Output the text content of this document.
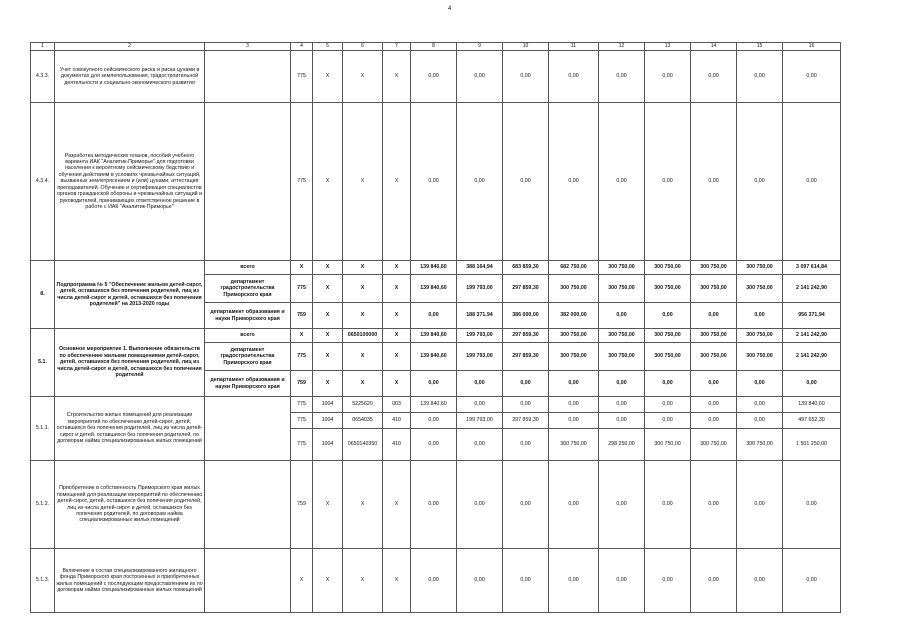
4
1	2	3	4	5	6	7	8	9	10	11	12	13	14	15	16
4.3.3.	Учет совокупного сейсмического риска и риска цунами в документах для землепользования, градостроительной деятельности и социально-экономического развития		775	X	X	X	0,00	0,00	0,00	0,00	0,00	0,00	0,00	0,00	0,00
4.3.4.	Разработка методических планов, пособий учебного варианта ИАК "Аналитик-Приморье" для подготовки населения к вероятному сейсмическому бедствию и обучения действиям в условиях чрезвычайных ситуаций, вызванных землетрясением и (или) цунами; аттестация преподавателей. Обучение и сертификация специалистов органов гражданской обороны и чрезвычайных ситуаций и руководителей, принимающих ответственное решение в работе с ИАК "Аналитик-Приморье"		775	X	X	X	0,00	0,00	0,00	0,00	0,00	0,00	0,00	0,00	0,00
8.	Подпрограмма № 5 "Обеспечение жильем детей-сирот, детей, оставшихся без попечения родителей, лиц из числа детей-сирот и детей, оставшихся без попечения родителей" на 2013-2020 годы	всего	X	X	X	X	139 840,60	388 164,94	683 859,30	682 750,00	300 750,00	300 750,00	300 750,00	300 750,00	3 097 614,84
		департамент градостроительства Приморского края	775	X	X	X	139 840,60	199 793,00	297 859,30	300 750,00	300 750,00	300 750,00	300 750,00	300 750,00	2 141 242,90
		департамент образования и науки Приморского края	759	X	X	X	0,00	188 371,94	386 000,00	382 000,00	0,00	0,00	0,00	0,00	956 371,94
5.1.	Основное мероприятие 1. Выполнение обязательств по обеспечению жилыми помещениями детей-сирот, детей, оставшихся без попечения родителей, лиц из числа детей-сирот и детей, оставшихся без попечения родителей	всего	X	X	0650100000	X	139 840,60	199 793,00	297 859,30	300 750,00	300 750,00	300 750,00	300 750,00	300 750,00	2 141 242,90
		департамент градостроительства Приморского края	775	X	X	X	139 840,60	199 793,00	297 859,30	300 750,00	300 750,00	300 750,00	300 750,00	300 750,00	2 141 242,90
		департамент образования и науки Приморского края	759	X	X	X	0,00	0,00	0,00	0,00	0,00	0,00	0,00	0,00	0,00
5.1.1.	Строительство жилых помещений для реализации мероприятий по обеспечению детей-сирот, детей, оставшихся без попечения родителей, лиц из числа детей-сирот и детей, оставшихся без попечения родителей, по договорам найма специализированных жилых помещений		775	1004	5225620	003	139 840,60	0,00	0,00	0,00	0,00	0,00	0,00	0,00	139 840,60
			775	1004	0654035	410	0,00	199 793,00	297 859,30	0,00	0,00	0,00	0,00	0,00	497 652,30
			775	1004	0650140350	410	0,00	0,00	0,00	300 750,00	298 250,00	300 750,00	300 750,00	300 750,00	1 501 250,00
5.1.2.	Приобретение в собственность Приморского края жилых помещений для реализации мероприятий по обеспечению детей-сирот, детей, оставшихся без попечения родителей, лиц из числа детей-сирот и детей, оставшихся без попечения родителей, по договорам найма специализированных жилых помещений		759	X	X	X	0,00	0,00	0,00	0,00	0,00	0,00	0,00	0,00	0,00
5.1.3.	Включение в состав специализированного жилищного фонда Приморского края построенных и приобретенных жилых помещений с последующим предоставлением их по договорам найма специализированных жилых помещений		X	X	X	X	0,00	0,00	0,00	0,00	0,00	0,00	0,00	0,00	0,00
